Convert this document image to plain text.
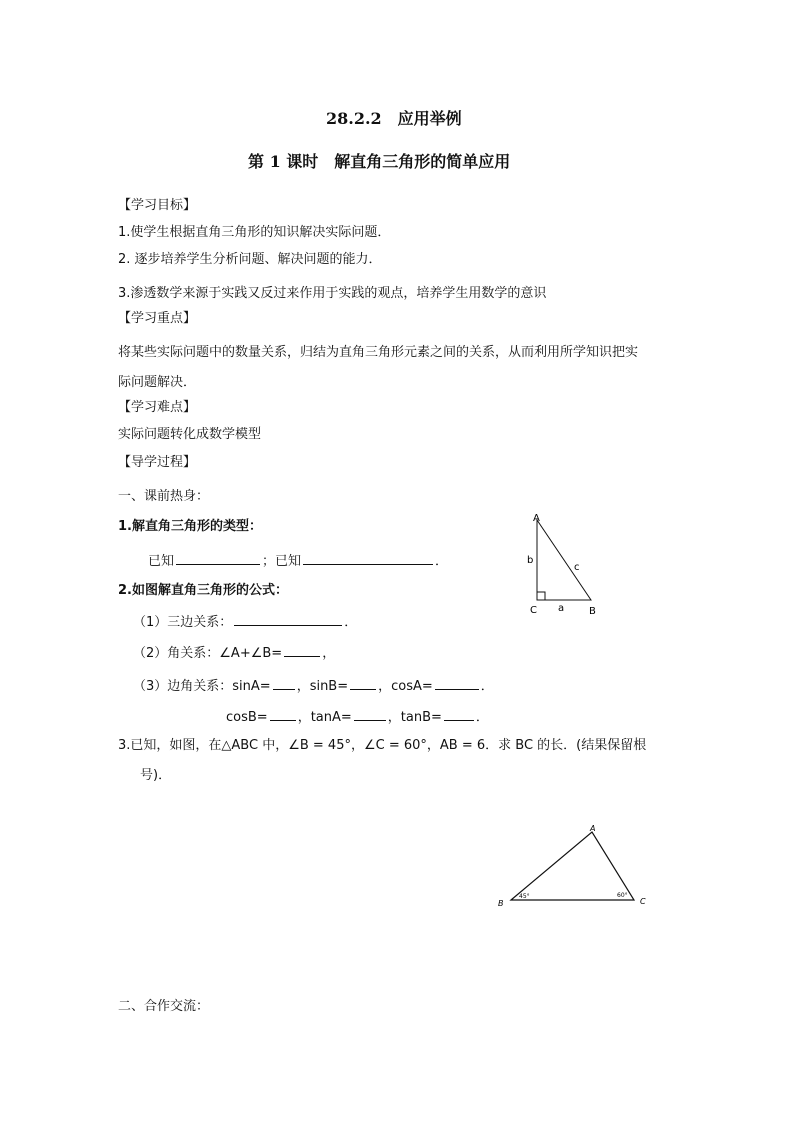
28.2.2　应用举例
第 1 课时　解直角三角形的简单应用
【学习目标】
1.使学生根据直角三角形的知识解决实际问题．
2. 逐步培养学生分析问题、解决问题的能力．
3.渗透数学来源于实践又反过来作用于实践的观点，培养学生用数学的意识
【学习重点】
将某些实际问题中的数量关系，归结为直角三角形元素之间的关系，从而利用所学知识把实
际问题解决．
【学习难点】
实际问题转化成数学模型
【导学过程】
一、课前热身：
1.解直角三角形的类型：
已知	；已知	．
2.如图解直角三角形的公式：
（1）三边关系：	．
（2）角关系：∠A+∠B=	，
（3）边角关系：sinA= ，sinB= ，cosA=	．
cosB= ，tanA=	，tanB=	．
3.已知，如图，在△ABC 中，∠B = 45°，∠C = 60°，AB = 6．求 BC 的长．(结果保留根
号)．
二、合作交流：
A
B
C a
b
c
A
B	C
45°	60°
